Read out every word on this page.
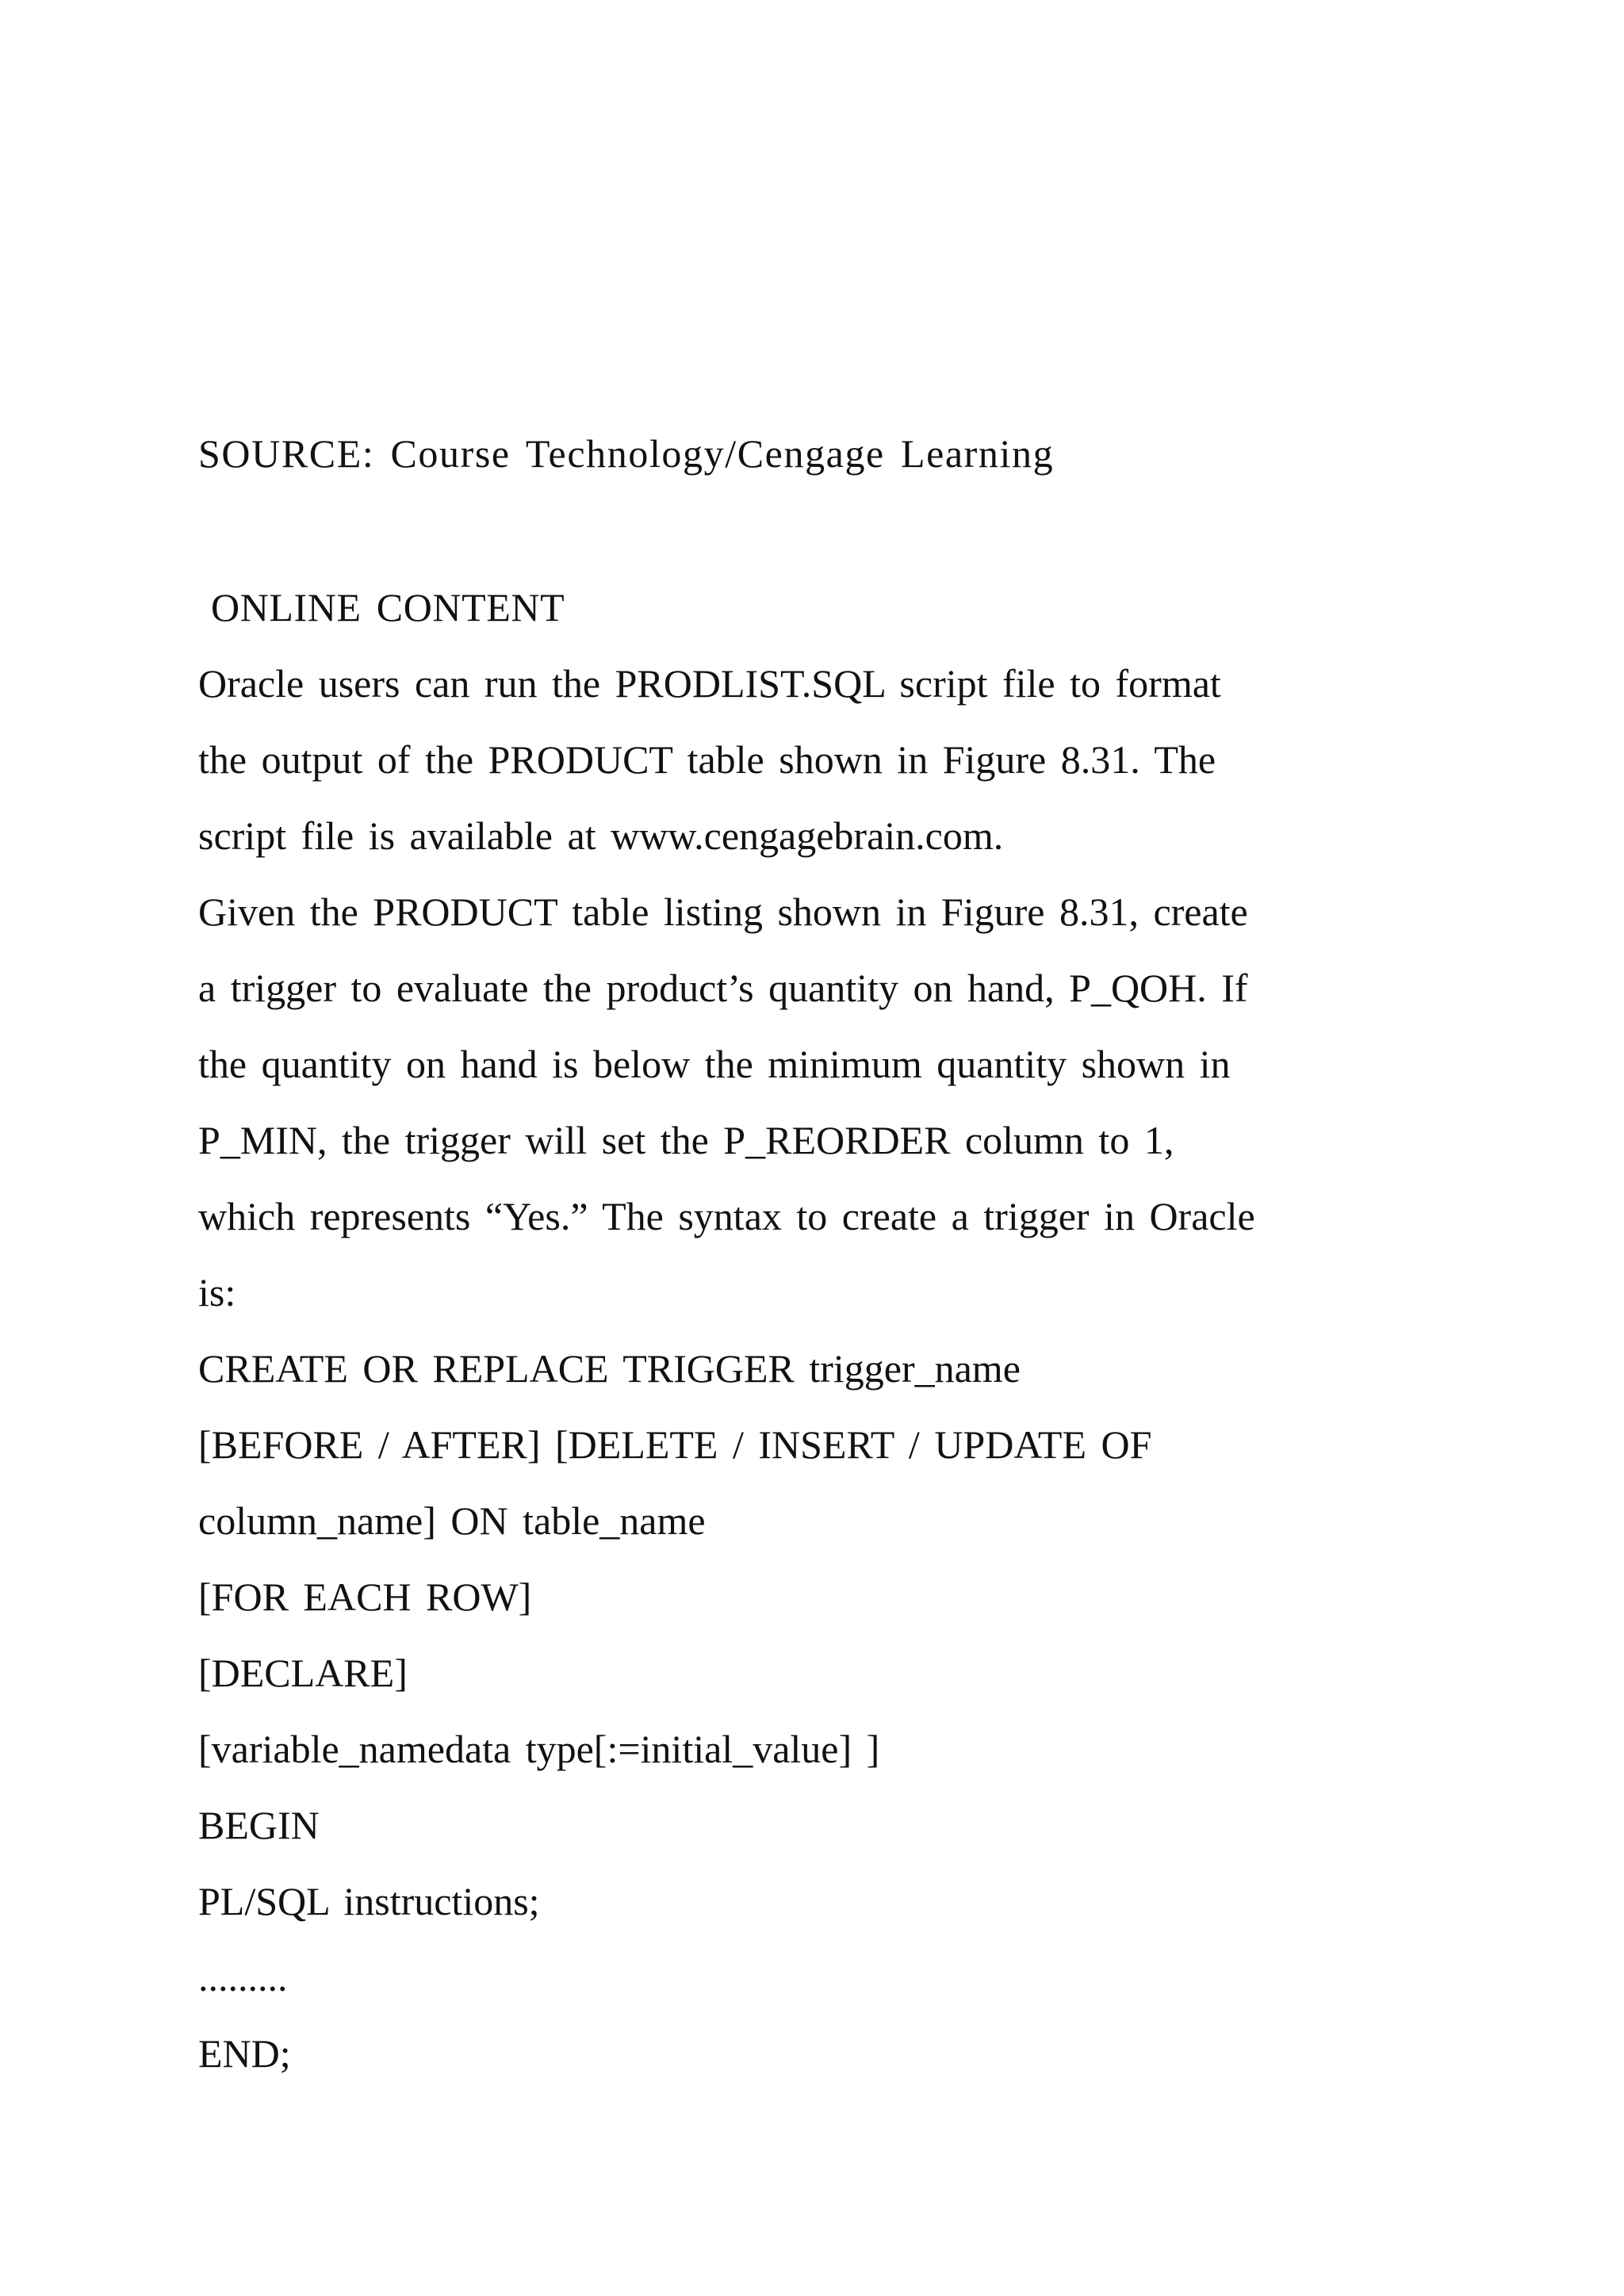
SOURCE: Course Technology/Cengage Learning
ONLINE CONTENT
Oracle users can run the PRODLIST.SQL script file to format
the output of the PRODUCT table shown in Figure 8.31. The
script file is available at www.cengagebrain.com.
Given the PRODUCT table listing shown in Figure 8.31, create
a trigger to evaluate the product’s quantity on hand, P_QOH. If
the quantity on hand is below the minimum quantity shown in
P_MIN, the trigger will set the P_REORDER column to 1,
which represents “Yes.” The syntax to create a trigger in Oracle
is:
CREATE OR REPLACE TRIGGER trigger_name
[BEFORE / AFTER] [DELETE / INSERT / UPDATE OF
column_name] ON table_name
[FOR EACH ROW]
[DECLARE]
[variable_namedata type[:=initial_value] ]
BEGIN
PL/SQL instructions;
.........
END;
